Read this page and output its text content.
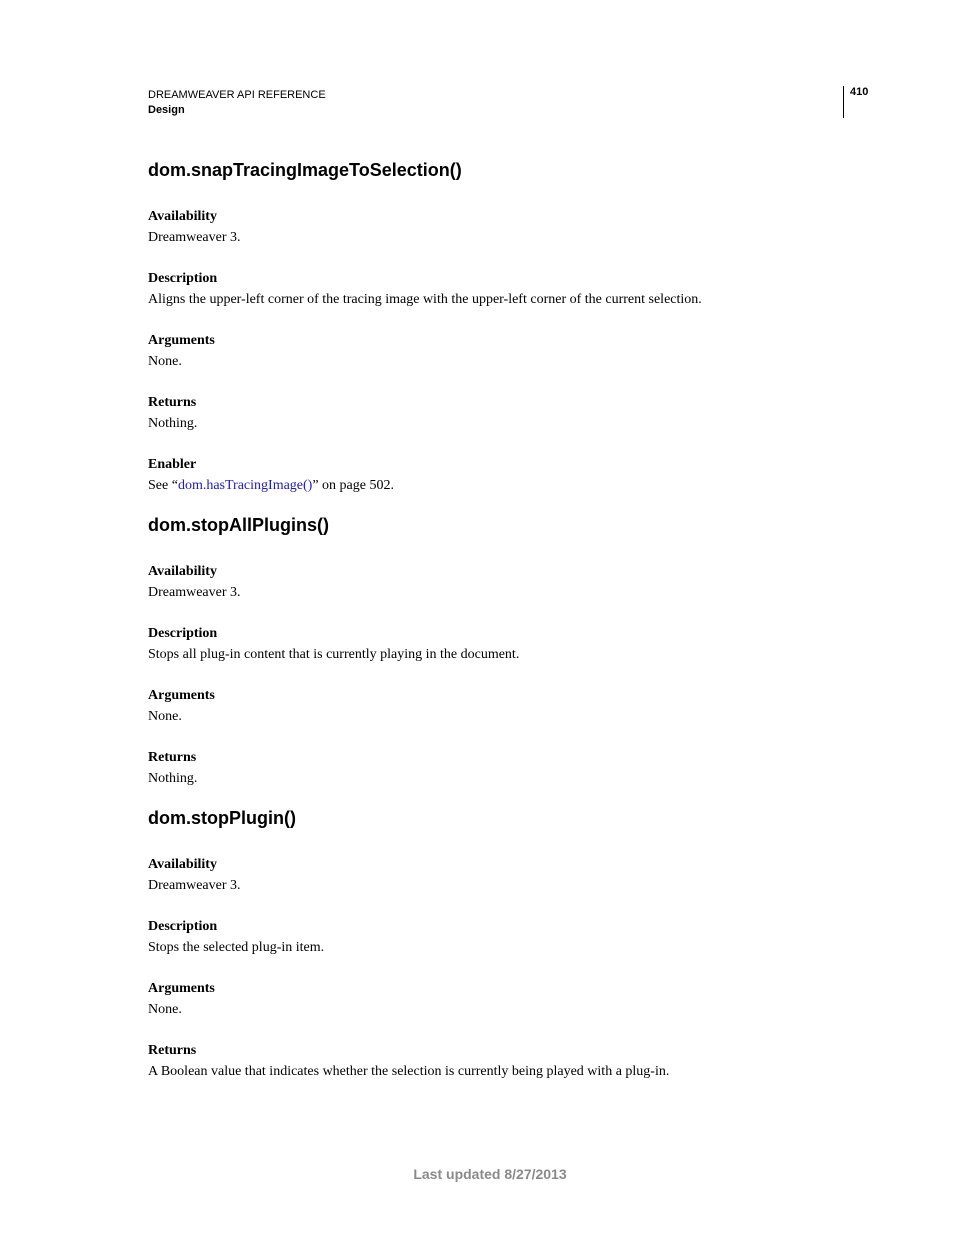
DREAMWEAVER API REFERENCE
Design
410
dom.snapTracingImageToSelection()
Availability
Dreamweaver 3.
Description
Aligns the upper-left corner of the tracing image with the upper-left corner of the current selection.
Arguments
None.
Returns
Nothing.
Enabler
See “dom.hasTracingImage()” on page 502.
dom.stopAllPlugins()
Availability
Dreamweaver 3.
Description
Stops all plug-in content that is currently playing in the document.
Arguments
None.
Returns
Nothing.
dom.stopPlugin()
Availability
Dreamweaver 3.
Description
Stops the selected plug-in item.
Arguments
None.
Returns
A Boolean value that indicates whether the selection is currently being played with a plug-in.
Last updated 8/27/2013
